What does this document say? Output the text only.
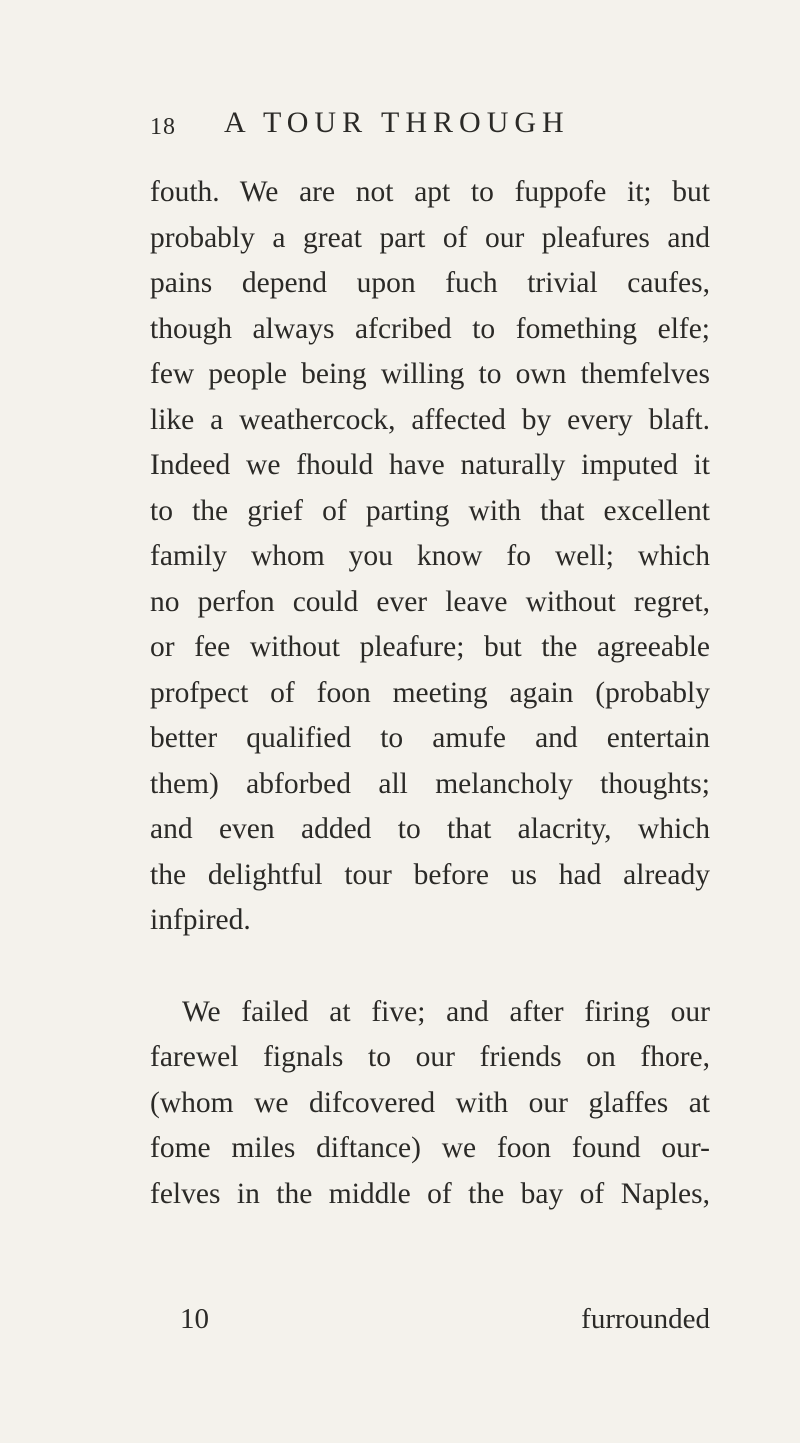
18 A TOUR THROUGH
fouth. We are not apt to fuppofe it; but
probably a great part of our pleafures and
pains depend upon fuch trivial caufes,
though always afcribed to fomething elfe;
few people being willing to own themfelves
like a weathercock, affected by every blaft.
Indeed we fhould have naturally imputed it
to the grief of parting with that excellent
family whom you know fo well; which
no perfon could ever leave without regret,
or fee without pleafure; but the agreeable
profpect of foon meeting again (probably
better qualified to amufe and entertain
them) abforbed all melancholy thoughts;
and even added to that alacrity, which
the delightful tour before us had already
infpired.
We failed at five; and after firing our
farewel fignals to our friends on fhore,
(whom we difcovered with our glaffes at
fome miles diftance) we foon found our-
felves in the middle of the bay of Naples,
10	furrounded
